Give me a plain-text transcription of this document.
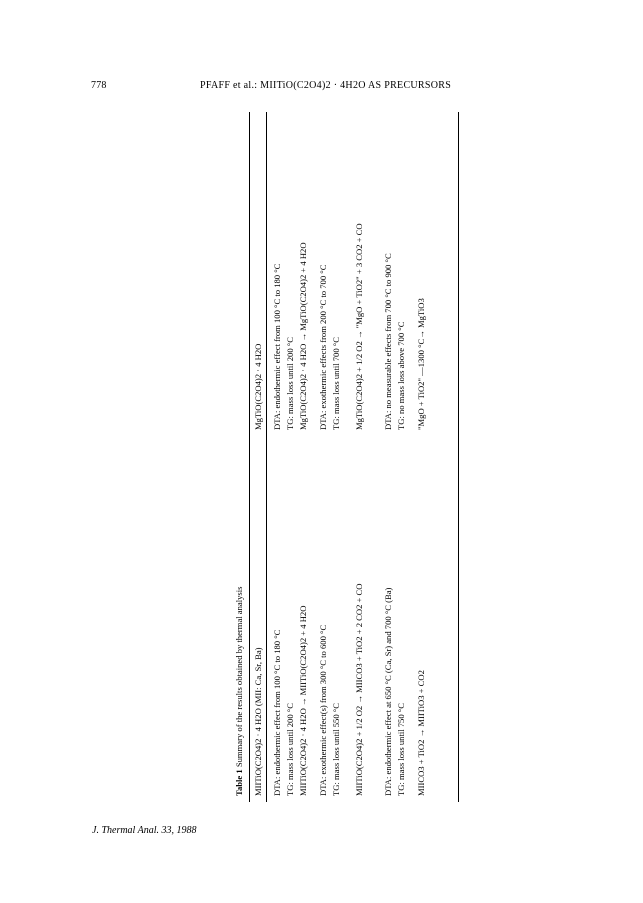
778	PFAFF et al.: MIITiO(C2O4)2 · 4H2O AS PRECURSORS
Table 1 Summary of the results obtained by thermal analysis MIITiO(C2O4)2 · 4 H2O (MII: Ca, Sr, Ba)
MgTiO(C2O4)2 · 4 H2O
DTA: endothermic effect from 100 °C to 180 °C TG: mass loss until 200 °C MIITiO(C2O4)2 · 4 H2O → MIITiO(C2O4)2 + 4 H2O DTA: exothermic effect(s) from 300 °C to 600 °C TG: mass loss until 550 °C MIITiO(C2O4)2 + 1/2 O2 → MIICO3 + TiO2 + 2 CO2 + CO DTA: endothermic effect at 650 °C (Ca, Sr) and 700 °C (Ba) TG: mass loss until 750 °C MIICO3 + TiO2 → MIITiO3 + CO2
DTA: endothermic effect from 100 °C to 180 °C TG: mass loss until 200 °C MgTiO(C2O4)2 · 4 H2O → MgTiO(C2O4)2 + 4 H2O DTA: exothermic effects from 200 °C to 700 °C TG: mass loss until 700 °C MgTiO(C2O4)2 + 1/2 O2 → "MgO + TiO2" + 3 CO2 + CO DTA: no measurable effects from 700 °C to 900 °C TG: no mass loss above 700 °C "MgO + TiO2" —1300 °C→ MgTiO3
J. Thermal Anal. 33, 1988
